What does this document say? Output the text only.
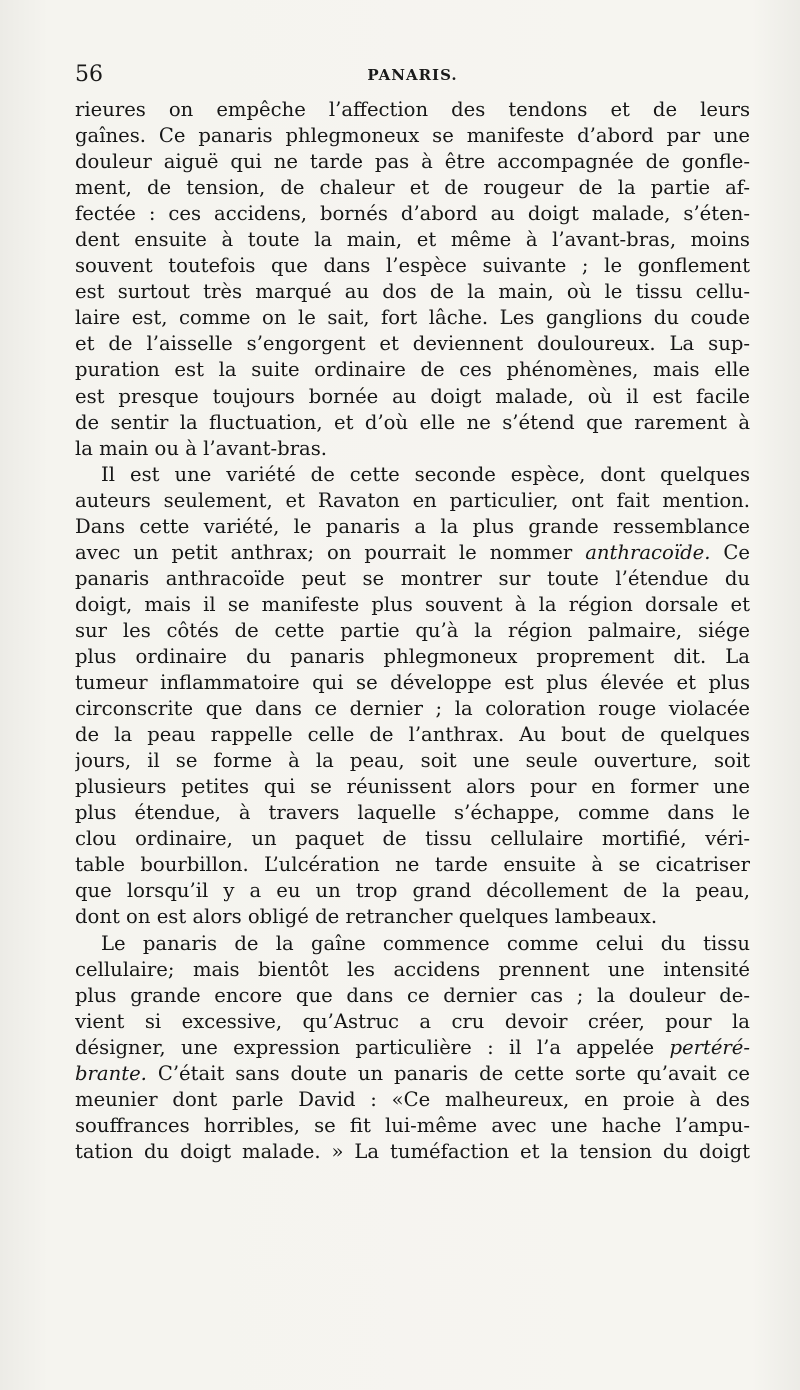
56	PANARIS.
rieures on empêche l’affection des tendons et de leurs
gaînes. Ce panaris phlegmoneux se manifeste d’abord par une
douleur aiguë qui ne tarde pas à être accompagnée de gonfle-
ment, de tension, de chaleur et de rougeur de la partie af-
fectée : ces accidens, bornés d’abord au doigt malade, s’éten-
dent ensuite à toute la main, et même à l’avant-bras, moins
souvent toutefois que dans l’espèce suivante ; le gonflement
est surtout très marqué au dos de la main, où le tissu cellu-
laire est, comme on le sait, fort lâche. Les ganglions du coude
et de l’aisselle s’engorgent et deviennent douloureux. La sup-
puration est la suite ordinaire de ces phénomènes, mais elle
est presque toujours bornée au doigt malade, où il est facile
de sentir la fluctuation, et d’où elle ne s’étend que rarement à
la main ou à l’avant-bras.
Il est une variété de cette seconde espèce, dont quelques
auteurs seulement, et Ravaton en particulier, ont fait mention.
Dans cette variété, le panaris a la plus grande ressemblance
avec un petit anthrax; on pourrait le nommer anthracoïde. Ce
panaris anthracoïde peut se montrer sur toute l’étendue du
doigt, mais il se manifeste plus souvent à la région dorsale et
sur les côtés de cette partie qu’à la région palmaire, siége
plus ordinaire du panaris phlegmoneux proprement dit. La
tumeur inflammatoire qui se développe est plus élevée et plus
circonscrite que dans ce dernier ; la coloration rouge violacée
de la peau rappelle celle de l’anthrax. Au bout de quelques
jours, il se forme à la peau, soit une seule ouverture, soit
plusieurs petites qui se réunissent alors pour en former une
plus étendue, à travers laquelle s’échappe, comme dans le
clou ordinaire, un paquet de tissu cellulaire mortifié, véri-
table bourbillon. L’ulcération ne tarde ensuite à se cicatriser
que lorsqu’il y a eu un trop grand décollement de la peau,
dont on est alors obligé de retrancher quelques lambeaux.
Le panaris de la gaîne commence comme celui du tissu
cellulaire; mais bientôt les accidens prennent une intensité
plus grande encore que dans ce dernier cas ; la douleur de-
vient si excessive, qu’Astruc a cru devoir créer, pour la
désigner, une expression particulière : il l’a appelée pertéré-
brante. C’était sans doute un panaris de cette sorte qu’avait ce
meunier dont parle David : «Ce malheureux, en proie à des
souffrances horribles, se fit lui-même avec une hache l’ampu-
tation du doigt malade. » La tuméfaction et la tension du doigt
